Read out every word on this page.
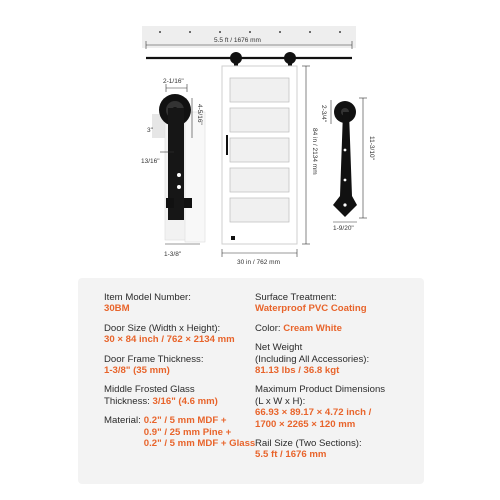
5.5 ft / 1676 mm
84 in / 2134 mm
30 in / 762 mm
2-1/16"
4-5/16"
3"
13/16"
1-3/8"
2-3/4"
11-3/10"
1-9/20"
Item Model Number:
30BM
Door Size (Width x Height):
30 × 84 inch / 762 × 2134 mm
Door Frame Thickness:
1-3/8" (35 mm)
Middle Frosted Glass
Thickness: 3/16" (4.6 mm)
Material: 0.2" / 5 mm MDF +
0.9" / 25 mm Pine +
0.2" / 5 mm MDF + Glass
Surface Treatment:
Waterproof PVC Coating
Color: Cream White
Net Weight
(Including All Accessories):
81.13 lbs / 36.8 kgt
Maximum Product Dimensions
(L x W x H):
66.93 × 89.17 × 4.72 inch /
1700 × 2265 × 120 mm
Rail Size (Two Sections):
5.5 ft / 1676 mm
